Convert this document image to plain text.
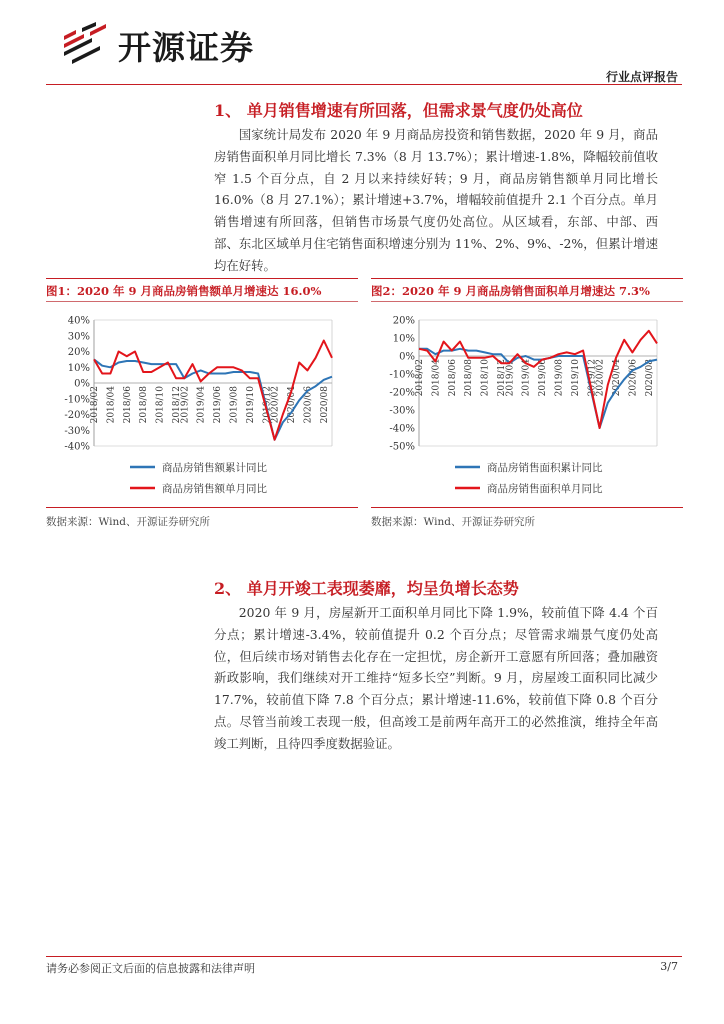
开源证券
行业点评报告
1、 单月销售增速有所回落，但需求景气度仍处高位
国家统计局发布 2020 年 9 月商品房投资和销售数据，2020 年 9 月，商品房销售面积单月同比增长 7.3%（8 月 13.7%）；累计增速-1.8%，降幅较前值收窄 1.5 个百分点，自 2 月以来持续好转；9 月，商品房销售额单月同比增长 16.0%（8 月 27.1%）；累计增速+3.7%，增幅较前值提升 2.1 个百分点。单月销售增速有所回落，但销售市场景气度仍处高位。从区域看，东部、中部、西部、东北区域单月住宅销售面积增速分别为 11%、2%、9%、-2%，但累计增速均在好转。
图1：2020 年 9 月商品房销售额单月增速达 16.0%
40%
30%
20%
10%
0%
-10%
-20%
-30%
-40%
2018/02 2018/04 2018/06 2018/08 2018/10 2018/12
2019/02 2019/04 2019/06 2019/08 2019/10 2019/12
2020/02 2020/04 2020/06 2020/08
商品房销售额累计同比
商品房销售额单月同比
数据来源：Wind、开源证券研究所
图2：2020 年 9 月商品房销售面积单月增速达 7.3%
20%
10%
0%
-10%
-20%
-30%
-40%
-50%
2018/02 2018/04 2018/06 2018/08 2018/10 2018/12
2019/02 2019/04 2019/06 2019/08 2019/10 2019/12
2020/02 2020/04 2020/06 2020/08
商品房销售面积累计同比
商品房销售面积单月同比
数据来源：Wind、开源证券研究所
2、 单月开竣工表现萎靡，均呈负增长态势
2020 年 9 月，房屋新开工面积单月同比下降 1.9%，较前值下降 4.4 个百分点；累计增速-3.4%，较前值提升 0.2 个百分点；尽管需求端景气度仍处高位，但后续市场对销售去化存在一定担忧，房企新开工意愿有所回落；叠加融资新政影响，我们继续对开工维持“短多长空”判断。9 月，房屋竣工面积同比减少 17.7%，较前值下降 7.8 个百分点；累计增速-11.6%，较前值下降 0.8 个百分点。尽管当前竣工表现一般，但高竣工是前两年高开工的必然推演，维持全年高竣工判断，且待四季度数据验证。
请务必参阅正文后面的信息披露和法律声明	3/7
